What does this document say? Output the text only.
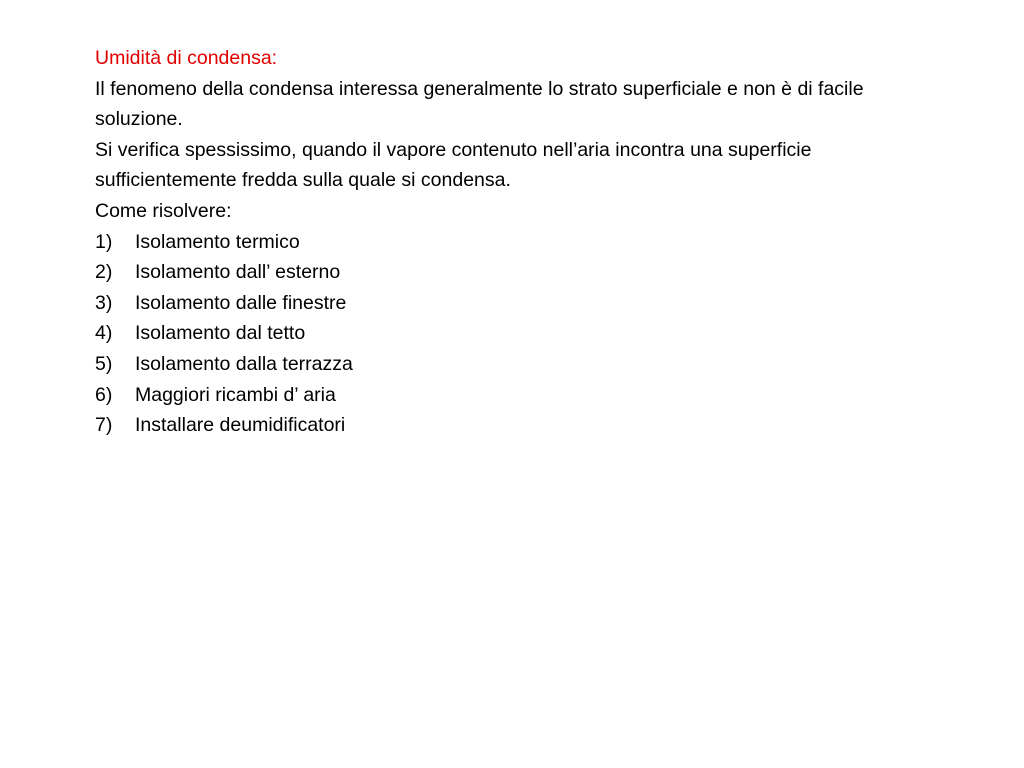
Umidità di condensa:

Il fenomeno della condensa interessa generalmente lo strato superficiale e non è di facile soluzione.

Si verifica spessissimo, quando il vapore contenuto nell’aria incontra una superficie sufficientemente fredda sulla quale si condensa.

Come risolvere:
1)	Isolamento termico
2)	Isolamento dall’ esterno
3)	Isolamento dalle finestre
4)	Isolamento dal tetto
5)	Isolamento dalla terrazza
6)	Maggiori ricambi d’ aria
7)	Installare deumidificatori
